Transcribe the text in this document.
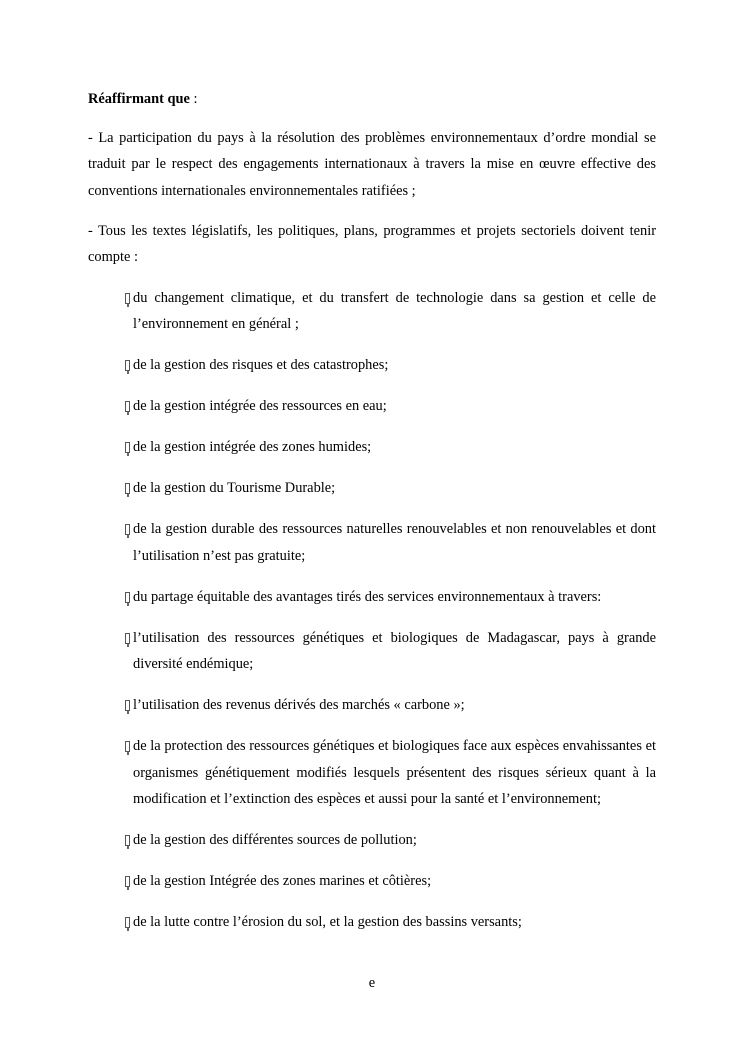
Réaffirmant que :
- La participation du pays à la résolution des problèmes environnementaux d’ordre mondial se traduit par le respect des engagements internationaux à travers la mise en œuvre effective des conventions internationales environnementales ratifiées ;
- Tous les textes législatifs, les politiques, plans, programmes et projets sectoriels doivent tenir compte :
du changement climatique, et du transfert de technologie dans sa gestion et celle de l’environnement en général ;
de la gestion des risques et des catastrophes;
de la gestion intégrée des ressources en eau;
de la gestion intégrée des zones humides;
de la gestion du Tourisme Durable;
de la gestion durable des ressources naturelles renouvelables et non renouvelables et dont l’utilisation n’est pas gratuite;
du partage équitable des avantages tirés des services environnementaux à travers:
l’utilisation des ressources génétiques et biologiques de Madagascar, pays à grande diversité endémique;
l’utilisation des revenus dérivés des marchés « carbone »;
de la protection des ressources génétiques et biologiques face aux espèces envahissantes et organismes génétiquement modifiés lesquels présentent des risques sérieux quant à la modification et l’extinction des espèces et aussi pour la santé et l’environnement;
de la gestion des différentes sources de pollution;
de la gestion Intégrée des zones marines et côtières;
de la lutte contre l’érosion du sol, et la gestion des bassins versants;
e
